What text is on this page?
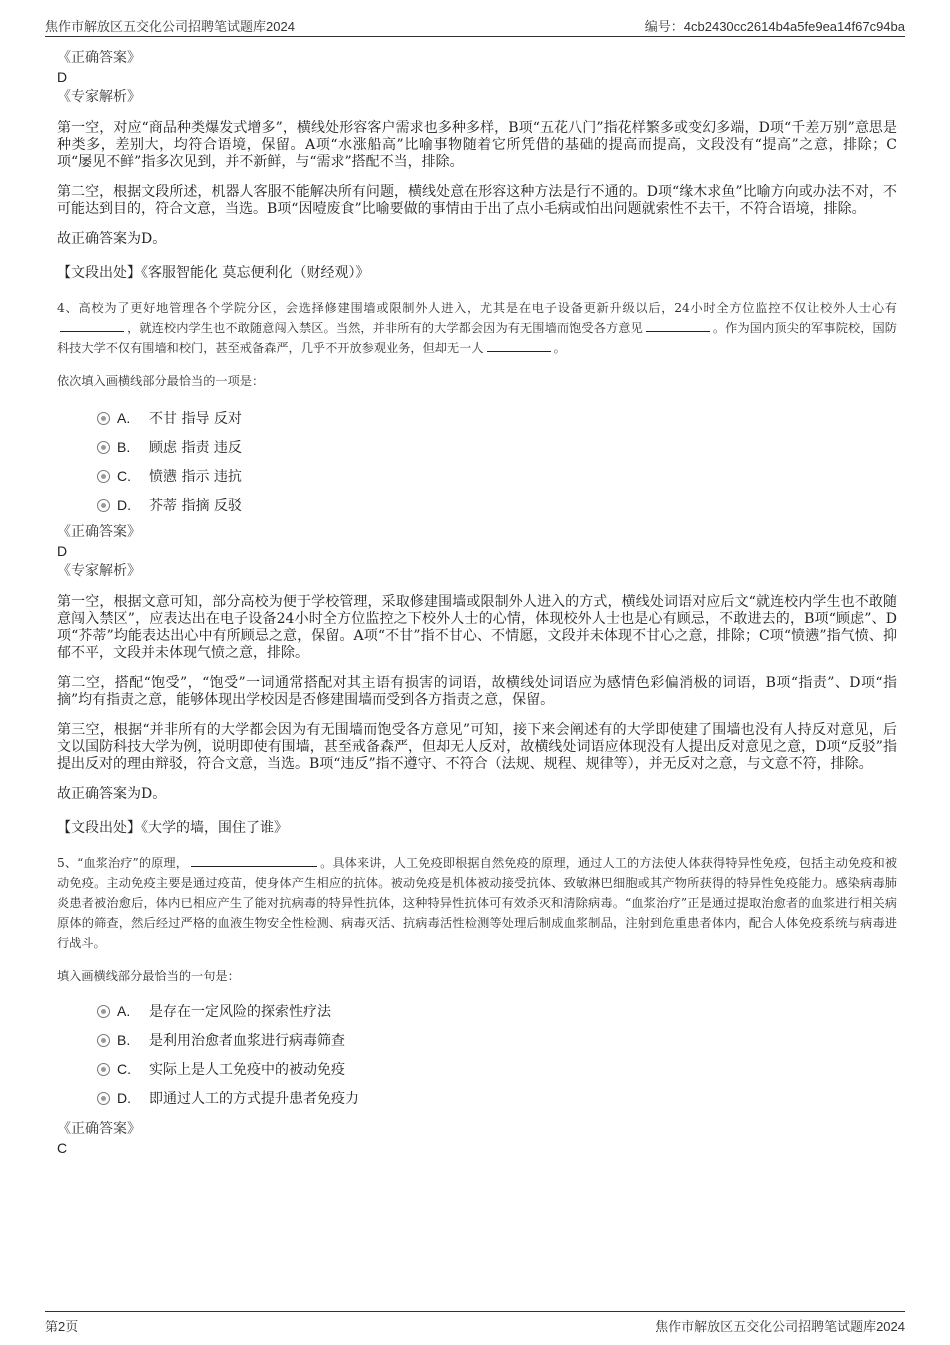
焦作市解放区五交化公司招聘笔试题库2024	编号：4cb2430cc2614b4a5fe9ea14f67c94ba
《正确答案》
D
《专家解析》

第一空，对应“商品种类爆发式增多”，横线处形容客户需求也多种多样，B项“五花八门”指花样繁多或变幻多端，D项“千差万别”意思是种类多，差别大，均符合语境，保留。A项“水涨船高”比喻事物随着它所凭借的基础的提高而提高，文段没有“提高”之意，排除；C项“屡见不鲜”指多次见到，并不新鲜，与“需求”搭配不当，排除。

第二空，根据文段所述，机器人客服不能解决所有问题，横线处意在形容这种方法是行不通的。D项“缘木求鱼”比喻方向或办法不对，不可能达到目的，符合文意，当选。B项“因噎废食”比喻要做的事情由于出了点小毛病或怕出问题就索性不去干，不符合语境，排除。

故正确答案为D。

【文段出处】《客服智能化 莫忘便利化（财经观）》

4、高校为了更好地管理各个学院分区，会选择修建围墙或限制外人进入，尤其是在电子设备更新升级以后，24小时全方位监控不仅让校外人士心有，就连校内学生也不敢随意闯入禁区。当然，并非所有的大学都会因为有无围墙而饱受各方意见	。作为国内顶尖的军事院校，国防科技大学不仅有围墙和校门，甚至戒备森严，几乎不开放参观业务，但却无一人	。

依次填入画横线部分最恰当的一项是：

A. 不甘 指导 反对
B. 顾虑 指责 违反
C. 愤懑 指示 违抗
D. 芥蒂 指摘 反驳
《正确答案》
D
《专家解析》

第一空，根据文意可知，部分高校为便于学校管理，采取修建围墙或限制外人进入的方式，横线处词语对应后文“就连校内学生也不敢随意闯入禁区”，应表达出在电子设备24小时全方位监控之下校外人士的心情，体现校外人士也是心有顾忌，不敢进去的，B项“顾虑”、D项“芥蒂”均能表达出心中有所顾忌之意，保留。A项“不甘”指不甘心、不情愿，文段并未体现不甘心之意，排除；C项“愤懑”指气愤、抑郁不平，文段并未体现气愤之意，排除。

第二空，搭配“饱受”，“饱受”一词通常搭配对其主语有损害的词语，故横线处词语应为感情色彩偏消极的词语，B项“指责”、D项“指摘”均有指责之意，能够体现出学校因是否修建围墙而受到各方指责之意，保留。

第三空，根据“并非所有的大学都会因为有无围墙而饱受各方意见”可知，接下来会阐述有的大学即使建了围墙也没有人持反对意见，后文以国防科技大学为例，说明即使有围墙，甚至戒备森严，但却无人反对，故横线处词语应体现没有人提出反对意见之意，D项“反驳”指提出反对的理由辩驳，符合文意，当选。B项“违反”指不遵守、不符合（法规、规程、规律等），并无反对之意，与文意不符，排除。

故正确答案为D。

【文段出处】《大学的墙，围住了谁》

5、“血浆治疗”的原理，	。具体来讲，人工免疫即根据自然免疫的原理，通过人工的方法使人体获得特异性免疫，包括主动免疫和被动免疫。主动免疫主要是通过疫苗，使身体产生相应的抗体。被动免疫是机体被动接受抗体、致敏淋巴细胞或其产物所获得的特异性免疫能力。感染病毒肺炎患者被治愈后，体内已相应产生了能对抗病毒的特异性抗体，这种特异性抗体可有效杀灭和清除病毒。“血浆治疗”正是通过提取治愈者的血浆进行相关病原体的筛查，然后经过严格的血液生物安全性检测、病毒灭活、抗病毒活性检测等处理后制成血浆制品，注射到危重患者体内，配合人体免疫系统与病毒进行战斗。

填入画横线部分最恰当的一句是：

A. 是存在一定风险的探索性疗法
B. 是利用治愈者血浆进行病毒筛查
C. 实际上是人工免疫中的被动免疫
D. 即通过人工的方式提升患者免疫力
《正确答案》
C
第2页	焦作市解放区五交化公司招聘笔试题库2024
